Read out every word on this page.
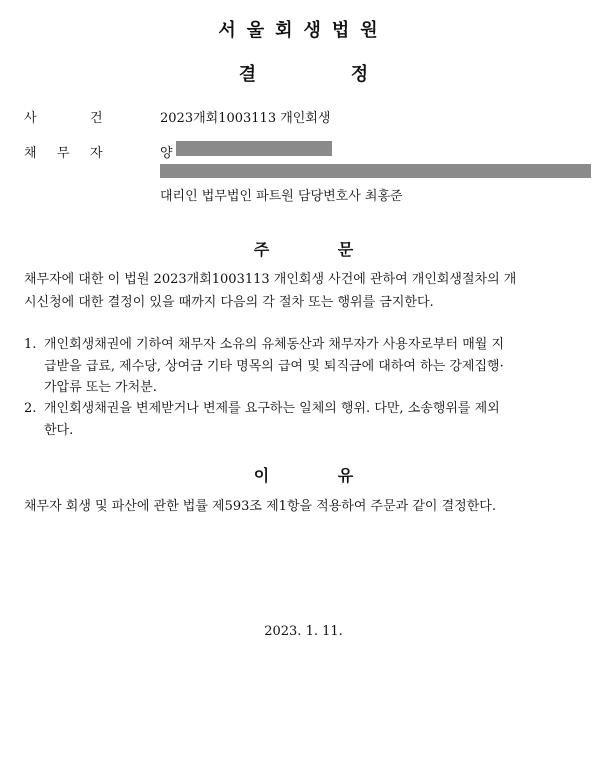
서울회생법원
결	정
사	건	2023개회1003113 개인회생
채 무 자	양
대리인 법무법인 파트원 담당변호사 최홍준
주	문
채무자에 대한 이 법원 2023개회1003113 개인회생 사건에 관하여 개인회생절차의 개
시신청에 대한 결정이 있을 때까지 다음의 각 절차 또는 행위를 금지한다.
1. 개인회생채권에 기하여 채무자 소유의 유체동산과 채무자가 사용자로부터 매월 지
급받을 급료, 제수당, 상여금 기타 명목의 급여 및 퇴직금에 대하여 하는 강제집행·
가압류 또는 가처분.
2. 개인회생채권을 변제받거나 변제를 요구하는 일체의 행위. 다만, 소송행위를 제외
한다.
이	유
채무자 회생 및 파산에 관한 법률 제593조 제1항을 적용하여 주문과 같이 결정한다.
2023. 1. 11.
